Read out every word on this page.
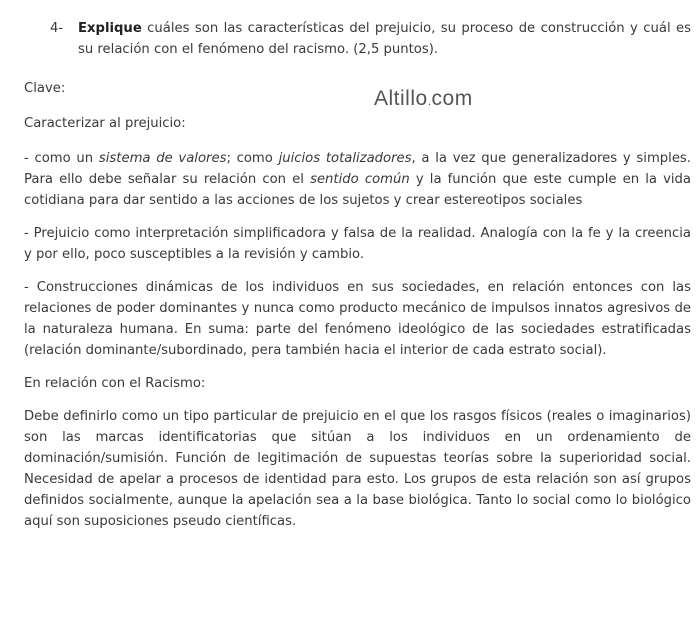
Altillo.com
4-	Explique cuáles son las características del prejuicio, su proceso de construcción y cuál es su relación con el fenómeno del racismo. (2,5 puntos).

Clave:

Caracterizar al prejuicio:

- como un sistema de valores; como juicios totalizadores, a la vez que generalizadores y simples. Para ello debe señalar su relación con el sentido común y la función que este cumple en la vida cotidiana para dar sentido a las acciones de los sujetos y crear estereotipos sociales

- Prejuicio como interpretación simplificadora y falsa de la realidad. Analogía con la fe y la creencia y por ello, poco susceptibles a la revisión y cambio.

- Construcciones dinámicas de los individuos en sus sociedades, en relación entonces con las relaciones de poder dominantes y nunca como producto mecánico de impulsos innatos agresivos de la naturaleza humana. En suma: parte del fenómeno ideológico de las sociedades estratificadas (relación dominante/subordinado, pera también hacia el interior de cada estrato social).

En relación con el Racismo:

Debe definirlo como un tipo particular de prejuicio en el que los rasgos físicos (reales o imaginarios) son las marcas identificatorias que sitúan a los individuos en un ordenamiento de dominación/sumisión. Función de legitimación de supuestas teorías sobre la superioridad social. Necesidad de apelar a procesos de identidad para esto. Los grupos de esta relación son así grupos definidos socialmente, aunque la apelación sea a la base biológica. Tanto lo social como lo biológico aquí son suposiciones pseudo científicas.
